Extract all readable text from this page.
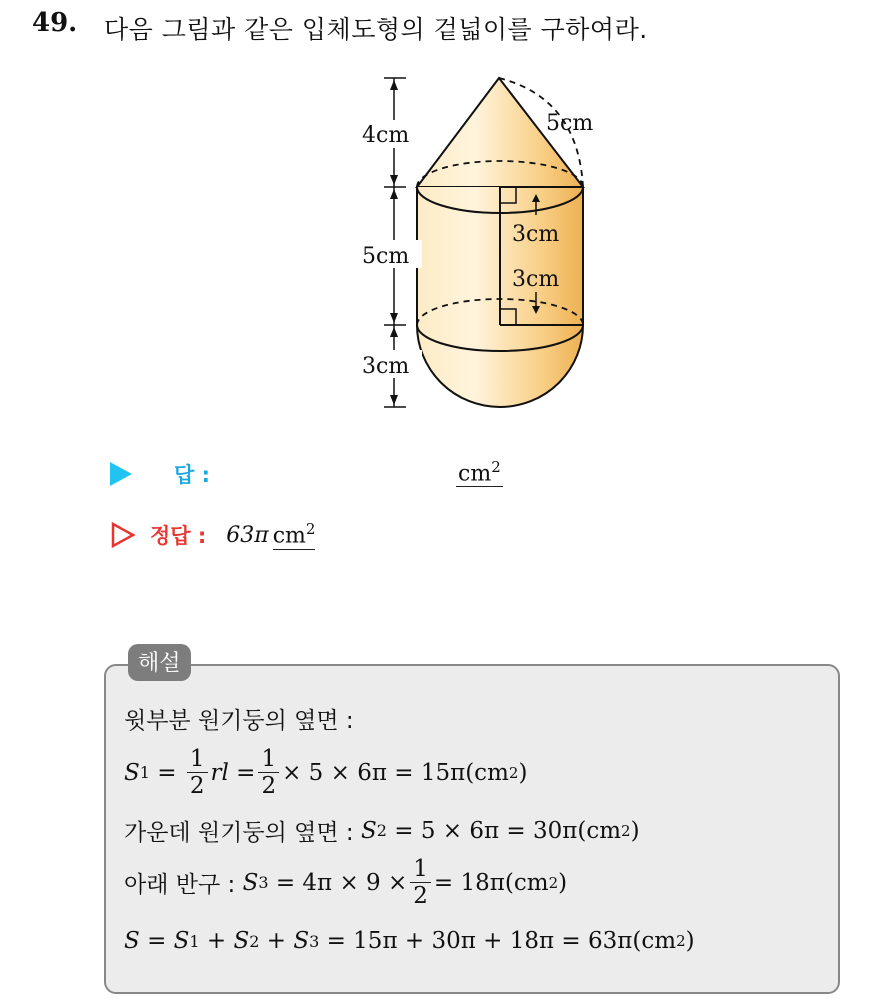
49. 다음 그림과 같은 입체도형의 겉넓이를 구하여라.
4cm
5cm
3cm
5cm
3cm
3cm
답 :	$cm^2$
정답 : 63π $cm^2$
해설
윗부분 원기둥의 옆면 :
S $1 = \frac{1}{2}$ rl = $\frac{1}{2} \times 5 \times 6\pi = 15\pi(cm$ 2 )
가운데 원기둥의 옆면 :
S 2
= 5 × 6π = 30π(cm 2 )
아래 반구 :
S 3
= $4\pi \times 9 \times \frac{1}{2} = 18\pi(cm$ 2 )
S = S 1
+ S 2
+ S 3
= 15π + 30π + 18π = 63π(cm 2 )
